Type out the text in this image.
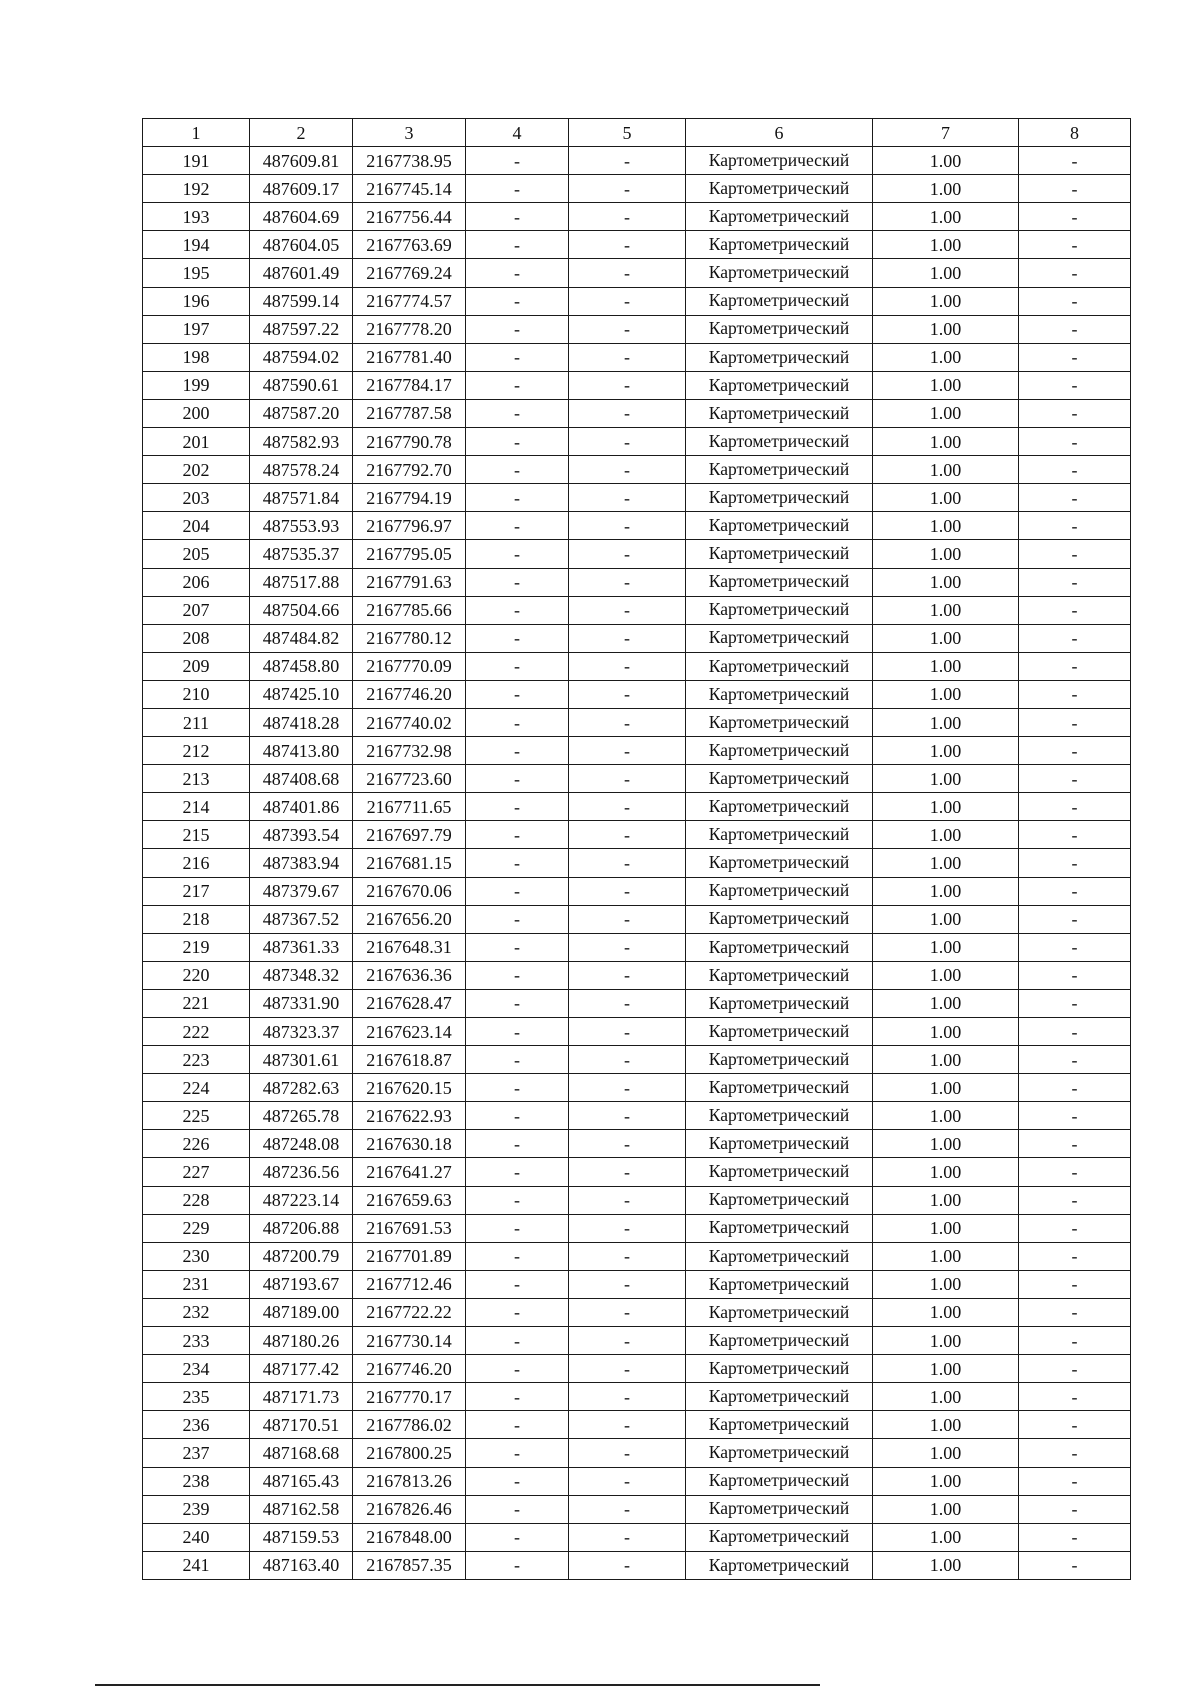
1	2	3	4	5	6	7	8
191	487609.81	2167738.95	-	-	Картометрический	1.00	-
192	487609.17	2167745.14	-	-	Картометрический	1.00	-
193	487604.69	2167756.44	-	-	Картометрический	1.00	-
194	487604.05	2167763.69	-	-	Картометрический	1.00	-
195	487601.49	2167769.24	-	-	Картометрический	1.00	-
196	487599.14	2167774.57	-	-	Картометрический	1.00	-
197	487597.22	2167778.20	-	-	Картометрический	1.00	-
198	487594.02	2167781.40	-	-	Картометрический	1.00	-
199	487590.61	2167784.17	-	-	Картометрический	1.00	-
200	487587.20	2167787.58	-	-	Картометрический	1.00	-
201	487582.93	2167790.78	-	-	Картометрический	1.00	-
202	487578.24	2167792.70	-	-	Картометрический	1.00	-
203	487571.84	2167794.19	-	-	Картометрический	1.00	-
204	487553.93	2167796.97	-	-	Картометрический	1.00	-
205	487535.37	2167795.05	-	-	Картометрический	1.00	-
206	487517.88	2167791.63	-	-	Картометрический	1.00	-
207	487504.66	2167785.66	-	-	Картометрический	1.00	-
208	487484.82	2167780.12	-	-	Картометрический	1.00	-
209	487458.80	2167770.09	-	-	Картометрический	1.00	-
210	487425.10	2167746.20	-	-	Картометрический	1.00	-
211	487418.28	2167740.02	-	-	Картометрический	1.00	-
212	487413.80	2167732.98	-	-	Картометрический	1.00	-
213	487408.68	2167723.60	-	-	Картометрический	1.00	-
214	487401.86	2167711.65	-	-	Картометрический	1.00	-
215	487393.54	2167697.79	-	-	Картометрический	1.00	-
216	487383.94	2167681.15	-	-	Картометрический	1.00	-
217	487379.67	2167670.06	-	-	Картометрический	1.00	-
218	487367.52	2167656.20	-	-	Картометрический	1.00	-
219	487361.33	2167648.31	-	-	Картометрический	1.00	-
220	487348.32	2167636.36	-	-	Картометрический	1.00	-
221	487331.90	2167628.47	-	-	Картометрический	1.00	-
222	487323.37	2167623.14	-	-	Картометрический	1.00	-
223	487301.61	2167618.87	-	-	Картометрический	1.00	-
224	487282.63	2167620.15	-	-	Картометрический	1.00	-
225	487265.78	2167622.93	-	-	Картометрический	1.00	-
226	487248.08	2167630.18	-	-	Картометрический	1.00	-
227	487236.56	2167641.27	-	-	Картометрический	1.00	-
228	487223.14	2167659.63	-	-	Картометрический	1.00	-
229	487206.88	2167691.53	-	-	Картометрический	1.00	-
230	487200.79	2167701.89	-	-	Картометрический	1.00	-
231	487193.67	2167712.46	-	-	Картометрический	1.00	-
232	487189.00	2167722.22	-	-	Картометрический	1.00	-
233	487180.26	2167730.14	-	-	Картометрический	1.00	-
234	487177.42	2167746.20	-	-	Картометрический	1.00	-
235	487171.73	2167770.17	-	-	Картометрический	1.00	-
236	487170.51	2167786.02	-	-	Картометрический	1.00	-
237	487168.68	2167800.25	-	-	Картометрический	1.00	-
238	487165.43	2167813.26	-	-	Картометрический	1.00	-
239	487162.58	2167826.46	-	-	Картометрический	1.00	-
240	487159.53	2167848.00	-	-	Картометрический	1.00	-
241	487163.40	2167857.35	-	-	Картометрический	1.00	-
